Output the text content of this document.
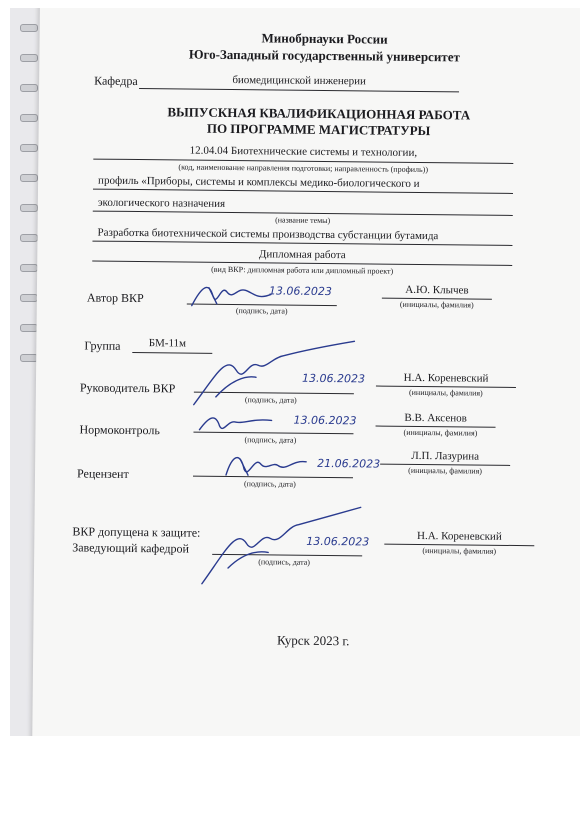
Минобрнауки России
Юго-Западный государственный университет
Кафедра	биомедицинской инженерии
ВЫПУСКНАЯ КВАЛИФИКАЦИОННАЯ РАБОТА
ПО ПРОГРАММЕ МАГИСТРАТУРЫ
12.04.04 Биотехнические системы и технологии,
(код, наименование направления подготовки; направленность (профиль))
профиль «Приборы, системы и комплексы медико-биологического и
экологического назначения
(название темы)
Разработка биотехнической системы производства субстанции бутамида
Дипломная работа
(вид ВКР: дипломная работа или дипломный проект)
Автор ВКР	13.06.2023
(подпись, дата)
А.Ю. Клычев
(инициалы, фамилия)
Группа	БМ-11м
Руководитель ВКР
13.06.2023
(подпись, дата)
Н.А. Кореневский
(инициалы, фамилия)
Нормоконтроль
13.06.2023
(подпись, дата)
В.В. Аксенов
(инициалы, фамилия)
Рецензент
21.06.2023
(подпись, дата)
Л.П. Лазурина
(инициалы, фамилия)
ВКР допущена к защите:
Заведующий кафедрой	13.06.2023
(подпись, дата)
Н.А. Кореневский
(инициалы, фамилия)
Курск 2023 г.
